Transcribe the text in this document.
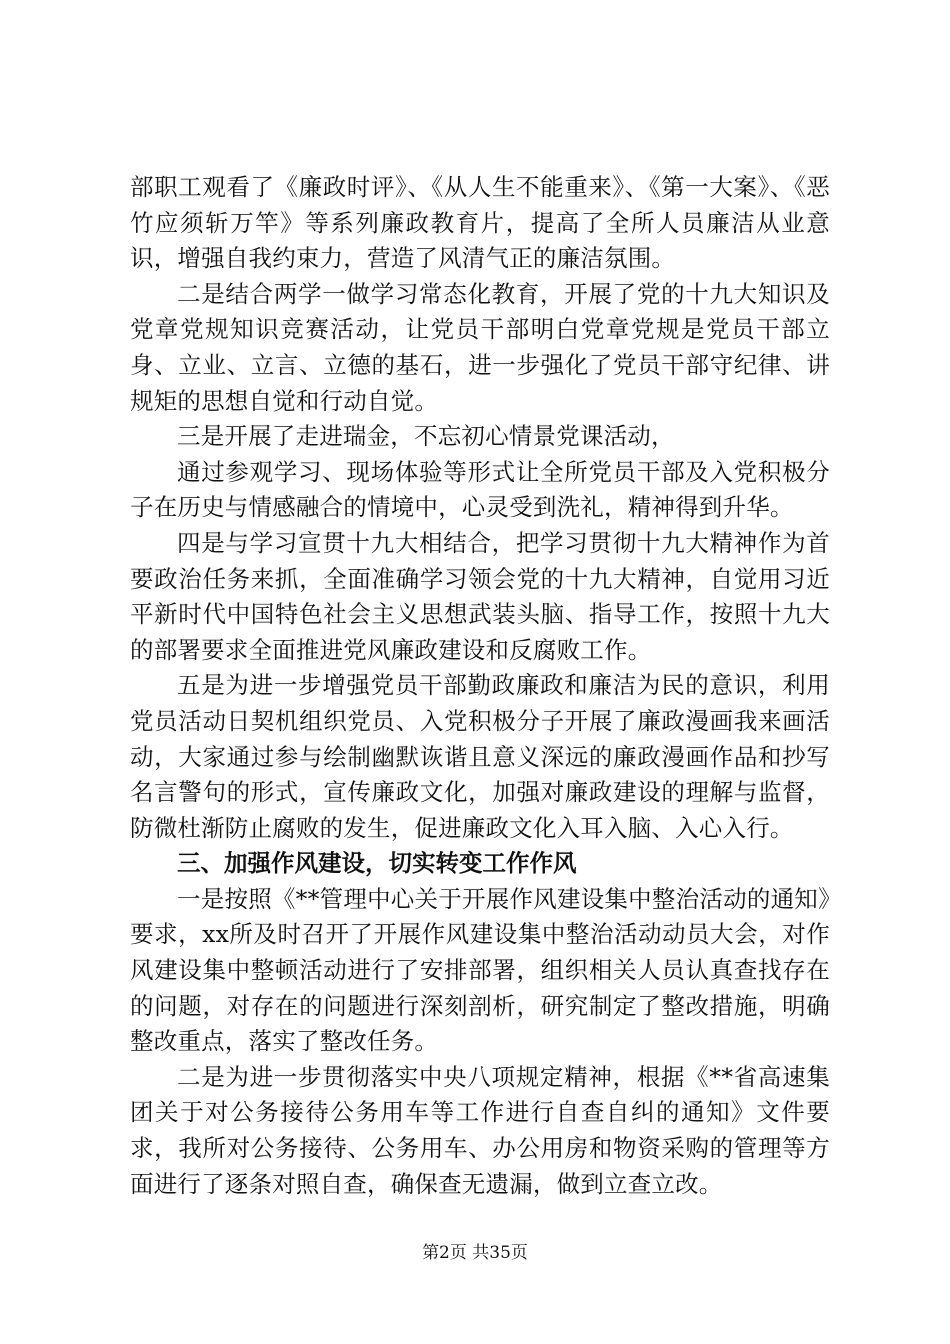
部职工观看了《廉政时评》、《从人生不能重来》、《第一大案》、《恶竹应须斩万竿》等系列廉政教育片，提高了全所人员廉洁从业意识，增强自我约束力，营造了风清气正的廉洁氛围。

二是结合两学一做学习常态化教育，开展了党的十九大知识及党章党规知识竞赛活动，让党员干部明白党章党规是党员干部立身、立业、立言、立德的基石，进一步强化了党员干部守纪律、讲规矩的思想自觉和行动自觉。

三是开展了走进瑞金，不忘初心情景党课活动，

通过参观学习、现场体验等形式让全所党员干部及入党积极分子在历史与情感融合的情境中，心灵受到洗礼，精神得到升华。

四是与学习宣贯十九大相结合，把学习贯彻十九大精神作为首要政治任务来抓，全面准确学习领会党的十九大精神，自觉用习近平新时代中国特色社会主义思想武装头脑、指导工作，按照十九大的部署要求全面推进党风廉政建设和反腐败工作。

五是为进一步增强党员干部勤政廉政和廉洁为民的意识，利用党员活动日契机组织党员、入党积极分子开展了廉政漫画我来画活动，大家通过参与绘制幽默诙谐且意义深远的廉政漫画作品和抄写名言警句的形式，宣传廉政文化，加强对廉政建设的理解与监督，防微杜渐防止腐败的发生，促进廉政文化入耳入脑、入心入行。

三、加强作风建设，切实转变工作作风

一是按照《**管理中心关于开展作风建设集中整治活动的通知》要求，xx所及时召开了开展作风建设集中整治活动动员大会，对作风建设集中整顿活动进行了安排部署，组织相关人员认真查找存在的问题，对存在的问题进行深刻剖析，研究制定了整改措施，明确整改重点，落实了整改任务。

二是为进一步贯彻落实中央八项规定精神，根据《**省高速集团关于对公务接待公务用车等工作进行自查自纠的通知》文件要求，我所对公务接待、公务用车、办公用房和物资采购的管理等方面进行了逐条对照自查，确保查无遗漏，做到立查立改。

第2页 共35页
